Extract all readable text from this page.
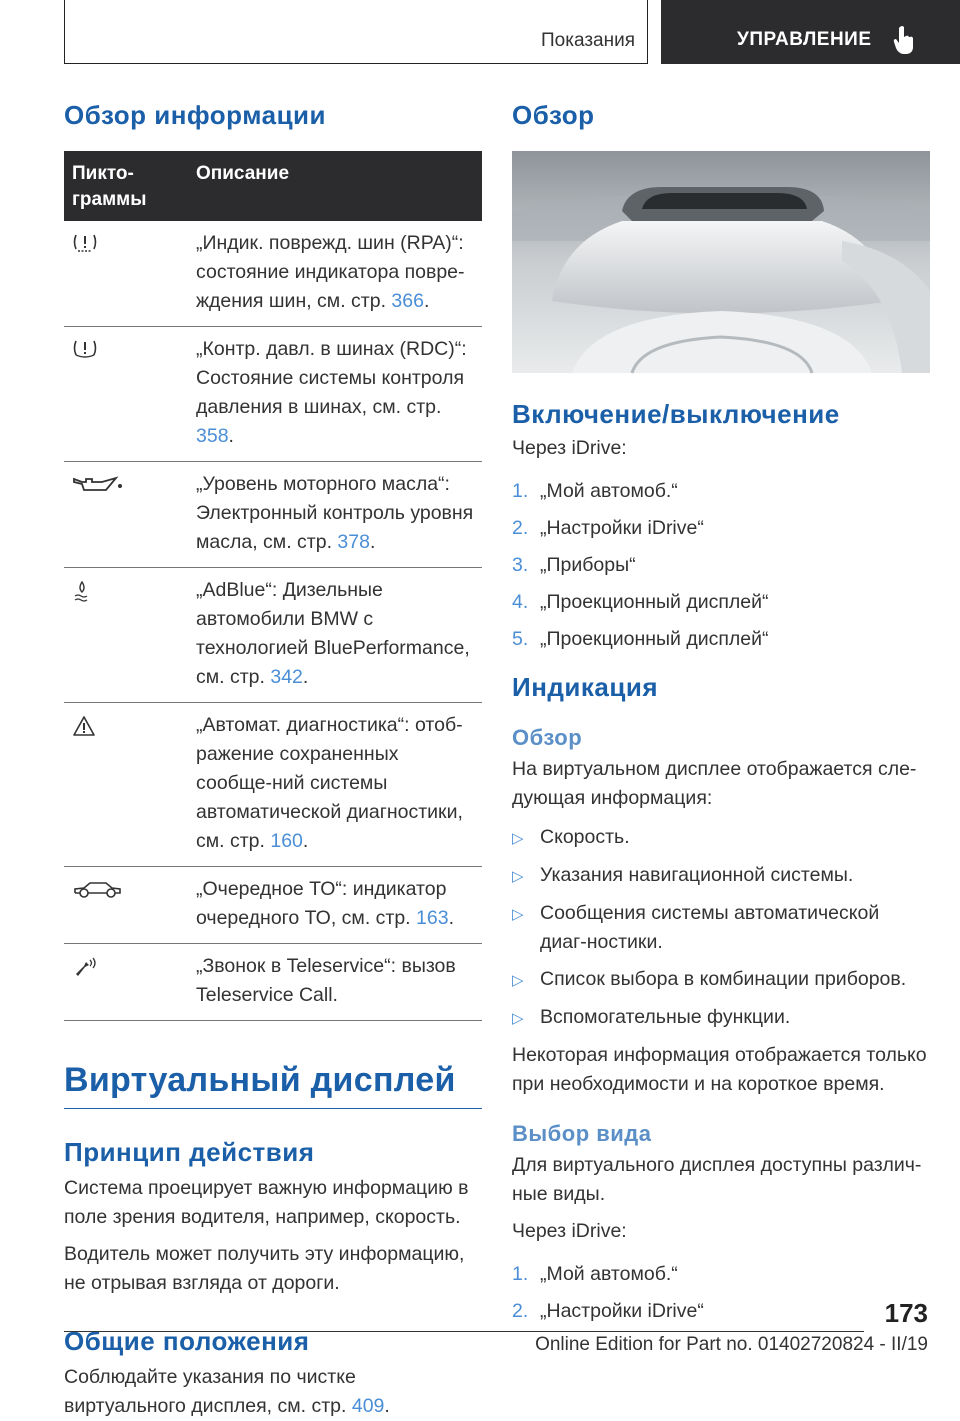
Показания	УПРАВЛЕНИЕ
Обзор информации
Пикто-
граммы	Описание
	„Индик. поврежд. шин (RPA)“: состояние индикатора повре-ждения шин, см. стр. 366.
	„Контр. давл. в шинах (RDC)“: Состояние системы контроля давления в шинах, см. стр. 358.
	„Уровень моторного масла“: Электронный контроль уровня масла, см. стр. 378.
	„AdBlue“: Дизельные автомобили BMW с технологией BluePerformance, см. стр. 342.
	„Автомат. диагностика“: отоб-ражение сохраненных сообще-ний системы автоматической диагностики, см. стр. 160.
	„Очередное ТО“: индикатор очередного ТО, см. стр. 163.
	„Звонок в Teleservice“: вызов Teleservice Call.
Виртуальный дисплей
Принцип действия

Система проецирует важную информацию в поле зрения водителя, например, скорость.

Водитель может получить эту информацию, не отрывая взгляда от дороги.

Общие положения

Соблюдайте указания по чистке виртуального дисплея, см. стр. 409.

Обзор
Включение/выключение

Через iDrive:

1. „Мой автомоб.“
2. „Настройки iDrive“
3. „Приборы“
4. „Проекционный дисплей“
5. „Проекционный дисплей“
Индикация
Обзор

На виртуальном дисплее отображается сле-дующая информация:

▷ Скорость.
▷ Указания навигационной системы.
▷ Сообщения системы автоматической диаг-ностики.
▷ Список выбора в комбинации приборов.
▷ Вспомогательные функции.

Некоторая информация отображается только при необходимости и на короткое время.

Выбор вида

Для виртуального дисплея доступны различ-ные виды.

Через iDrive:

1. „Мой автомоб.“
2. „Настройки iDrive“	173
Online Edition for Part no. 01402720824 - II/19
